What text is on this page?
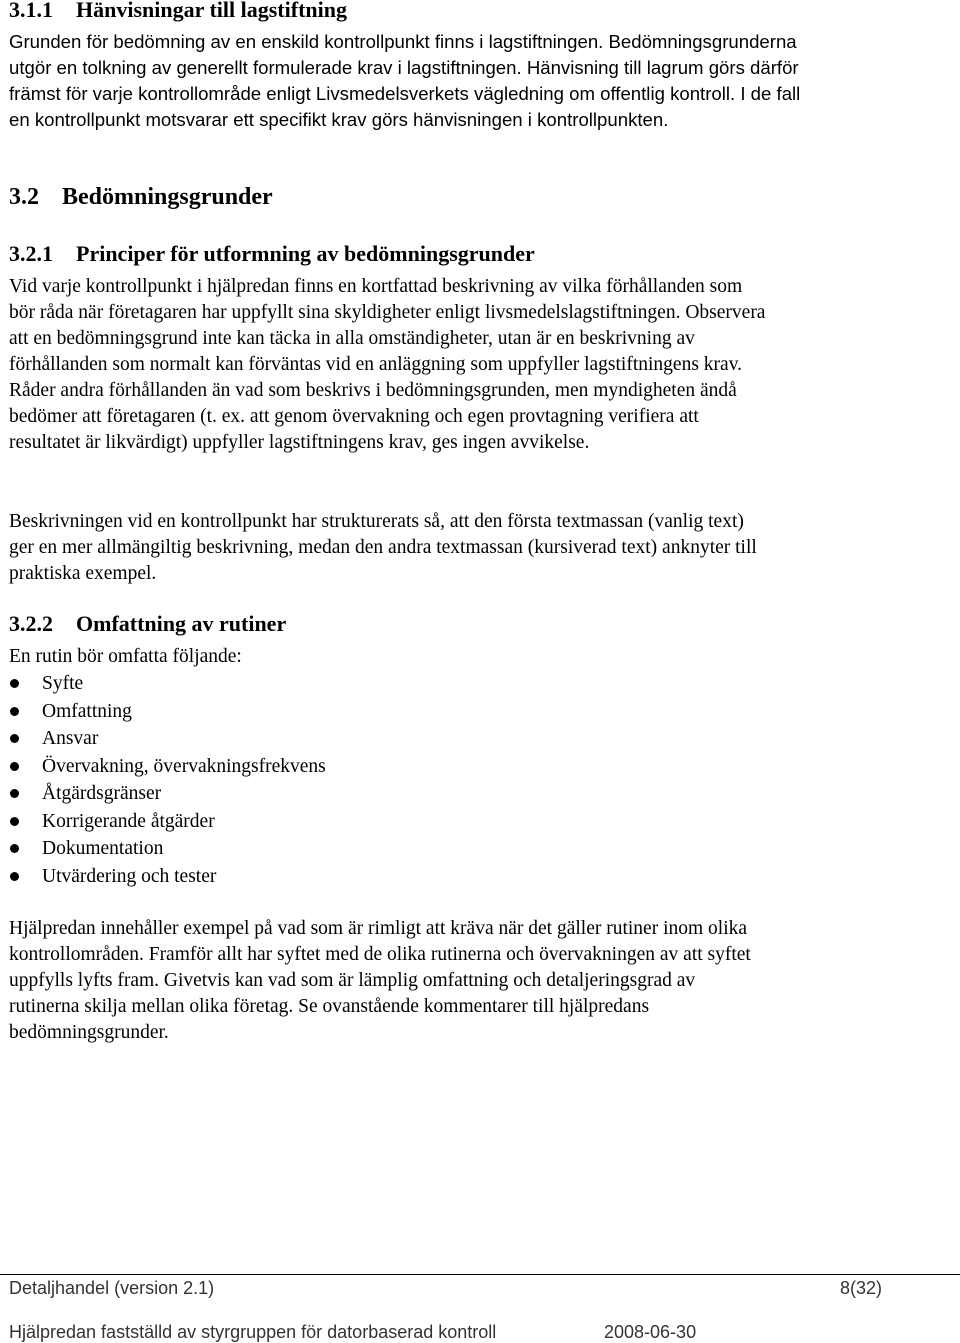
3.1.1 Hänvisningar till lagstiftning

Grunden för bedömning av en enskild kontrollpunkt finns i lagstiftningen. Bedömningsgrunderna utgör en tolkning av generellt formulerade krav i lagstiftningen. Hänvisning till lagrum görs därför främst för varje kontrollområde enligt Livsmedelsverkets vägledning om offentlig kontroll. I de fall en kontrollpunkt motsvarar ett specifikt krav görs hänvisningen i kontrollpunkten.

3.2 Bedömningsgrunder
3.2.1 Principer för utformning av bedömningsgrunder

Vid varje kontrollpunkt i hjälpredan finns en kortfattad beskrivning av vilka förhållanden som bör råda när företagaren har uppfyllt sina skyldigheter enligt livsmedelslagstiftningen. Observera att en bedömningsgrund inte kan täcka in alla omständigheter, utan är en beskrivning av förhållanden som normalt kan förväntas vid en anläggning som uppfyller lagstiftningens krav. Råder andra förhållanden än vad som beskrivs i bedömningsgrunden, men myndigheten ändå bedömer att företagaren (t. ex. att genom övervakning och egen provtagning verifiera att resultatet är likvärdigt) uppfyller lagstiftningens krav, ges ingen avvikelse.

Beskrivningen vid en kontrollpunkt har strukturerats så, att den första textmassan (vanlig text) ger en mer allmängiltig beskrivning, medan den andra textmassan (kursiverad text) anknyter till praktiska exempel.

3.2.2 Omfattning av rutiner

En rutin bör omfatta följande:

Syfte
Omfattning
Ansvar
Övervakning, övervakningsfrekvens
Åtgärdsgränser
Korrigerande åtgärder
Dokumentation
Utvärdering och tester

Hjälpredan innehåller exempel på vad som är rimligt att kräva när det gäller rutiner inom olika kontrollområden. Framför allt har syftet med de olika rutinerna och övervakningen av att syftet uppfylls lyfts fram. Givetvis kan vad som är lämplig omfattning och detaljeringsgrad av rutinerna skilja mellan olika företag. Se ovanstående kommentarer till hjälpredans bedömningsgrunder.

Detaljhandel (version 2.1)	8(32)
Hjälpredan fastställd av styrgruppen för datorbaserad kontroll	2008-06-30
